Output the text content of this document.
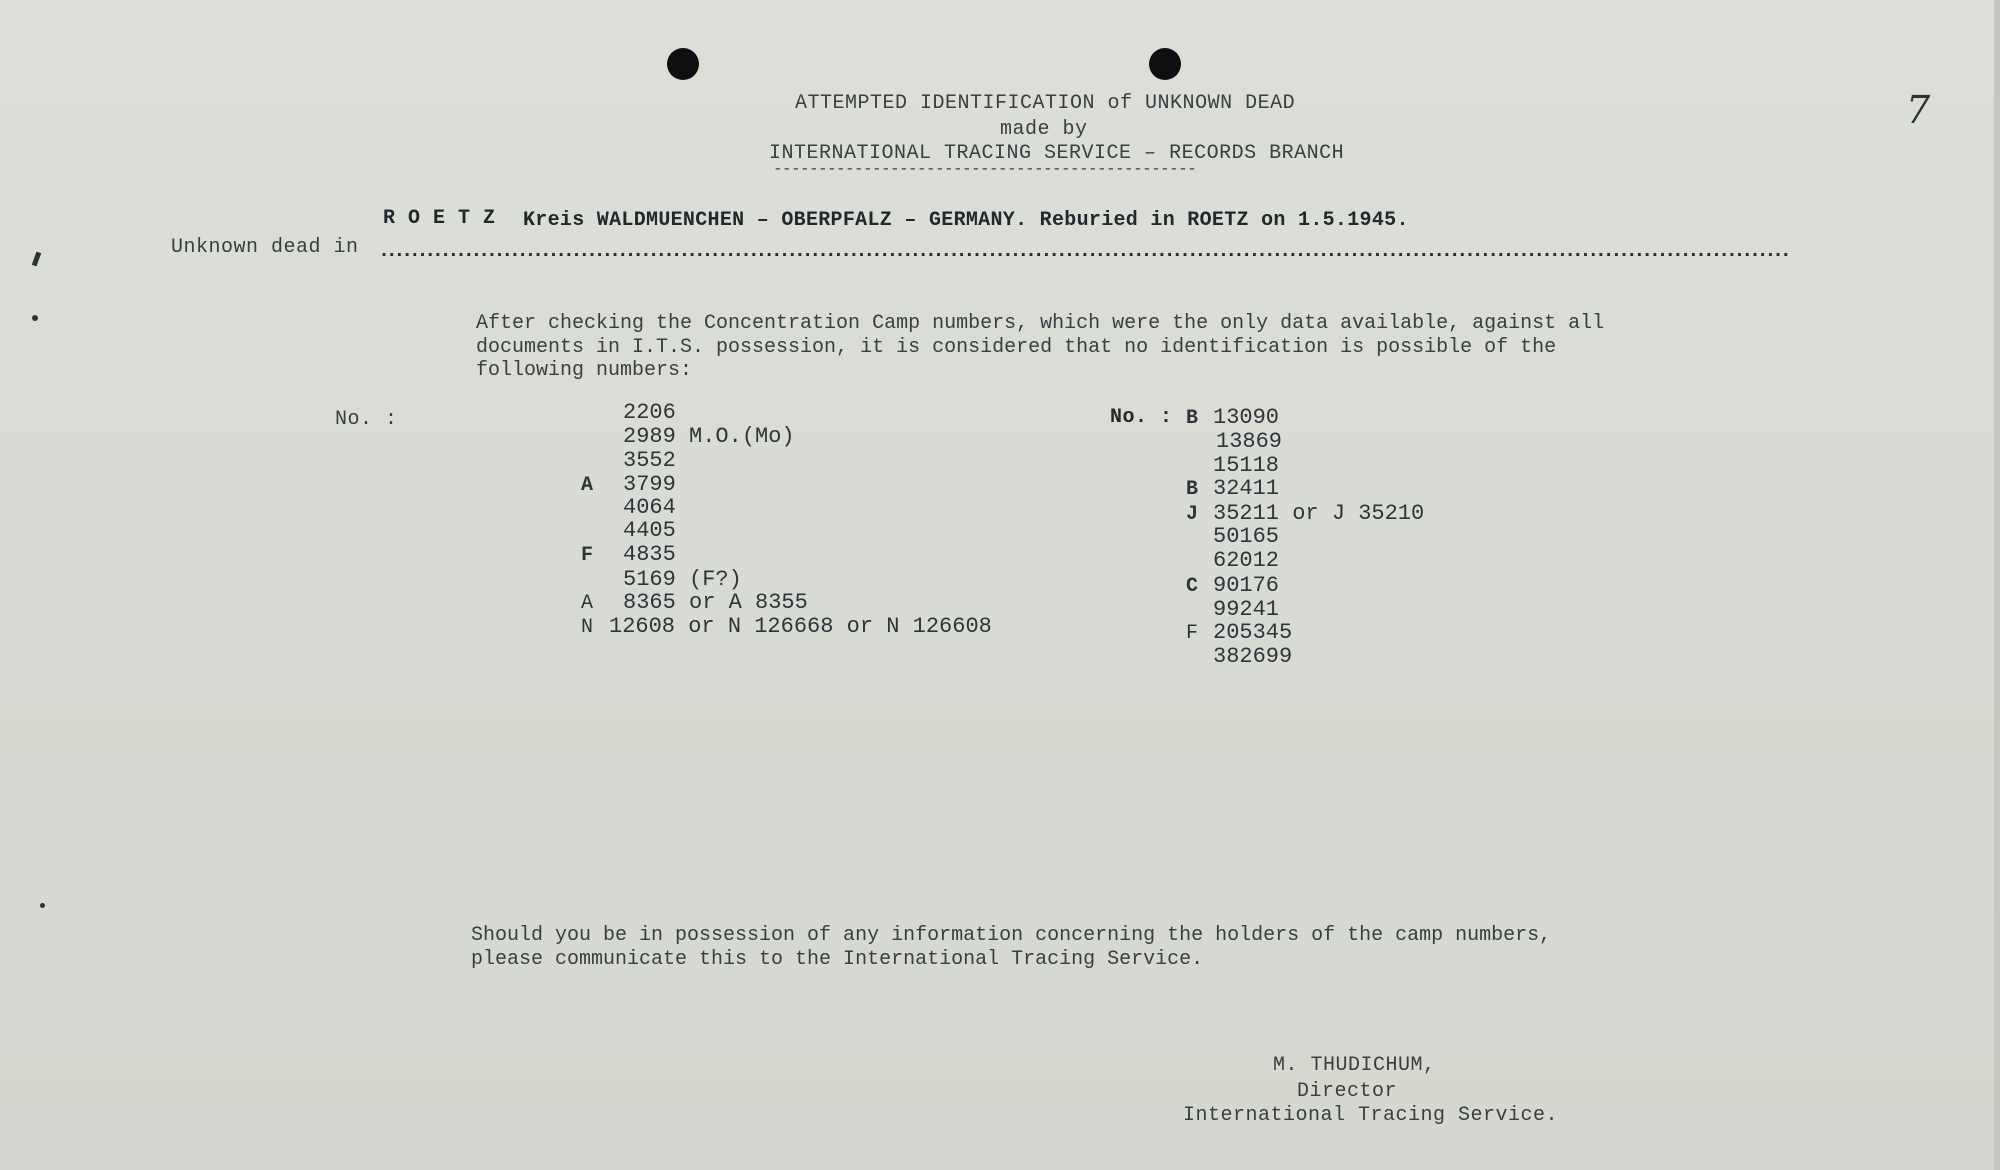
ATTEMPTED IDENTIFICATION of UNKNOWN DEAD
made by
INTERNATIONAL TRACING SERVICE – RECORDS BRANCH
-----------------------------------------------
7
R O E T Z Kreis WALDMUENCHEN – OBERPFALZ – GERMANY. Reburied in ROETZ on 1.5.1945.
Unknown dead in .......................................................................................................................................................................................
After checking the Concentration Camp numbers, which were the only data available, against all
documents in I.T.S. possession, it is considered that no identification is possible of the
following numbers:
No. :	2206
2989 M.O.(Mo)
3552
A 3799
4064
4405
F 4835
5169 (F?)
A 8365 or A 8355
N 12608 or N 126668 or N 126608
No. : B 13090
13869
15118
B 32411
J 35211 or J 35210
50165
62012
C 90176
99241
F 205345
382699
Should you be in possession of any information concerning the holders of the camp numbers,
please communicate this to the International Tracing Service.
M. THUDICHUM,
Director
International Tracing Service.
